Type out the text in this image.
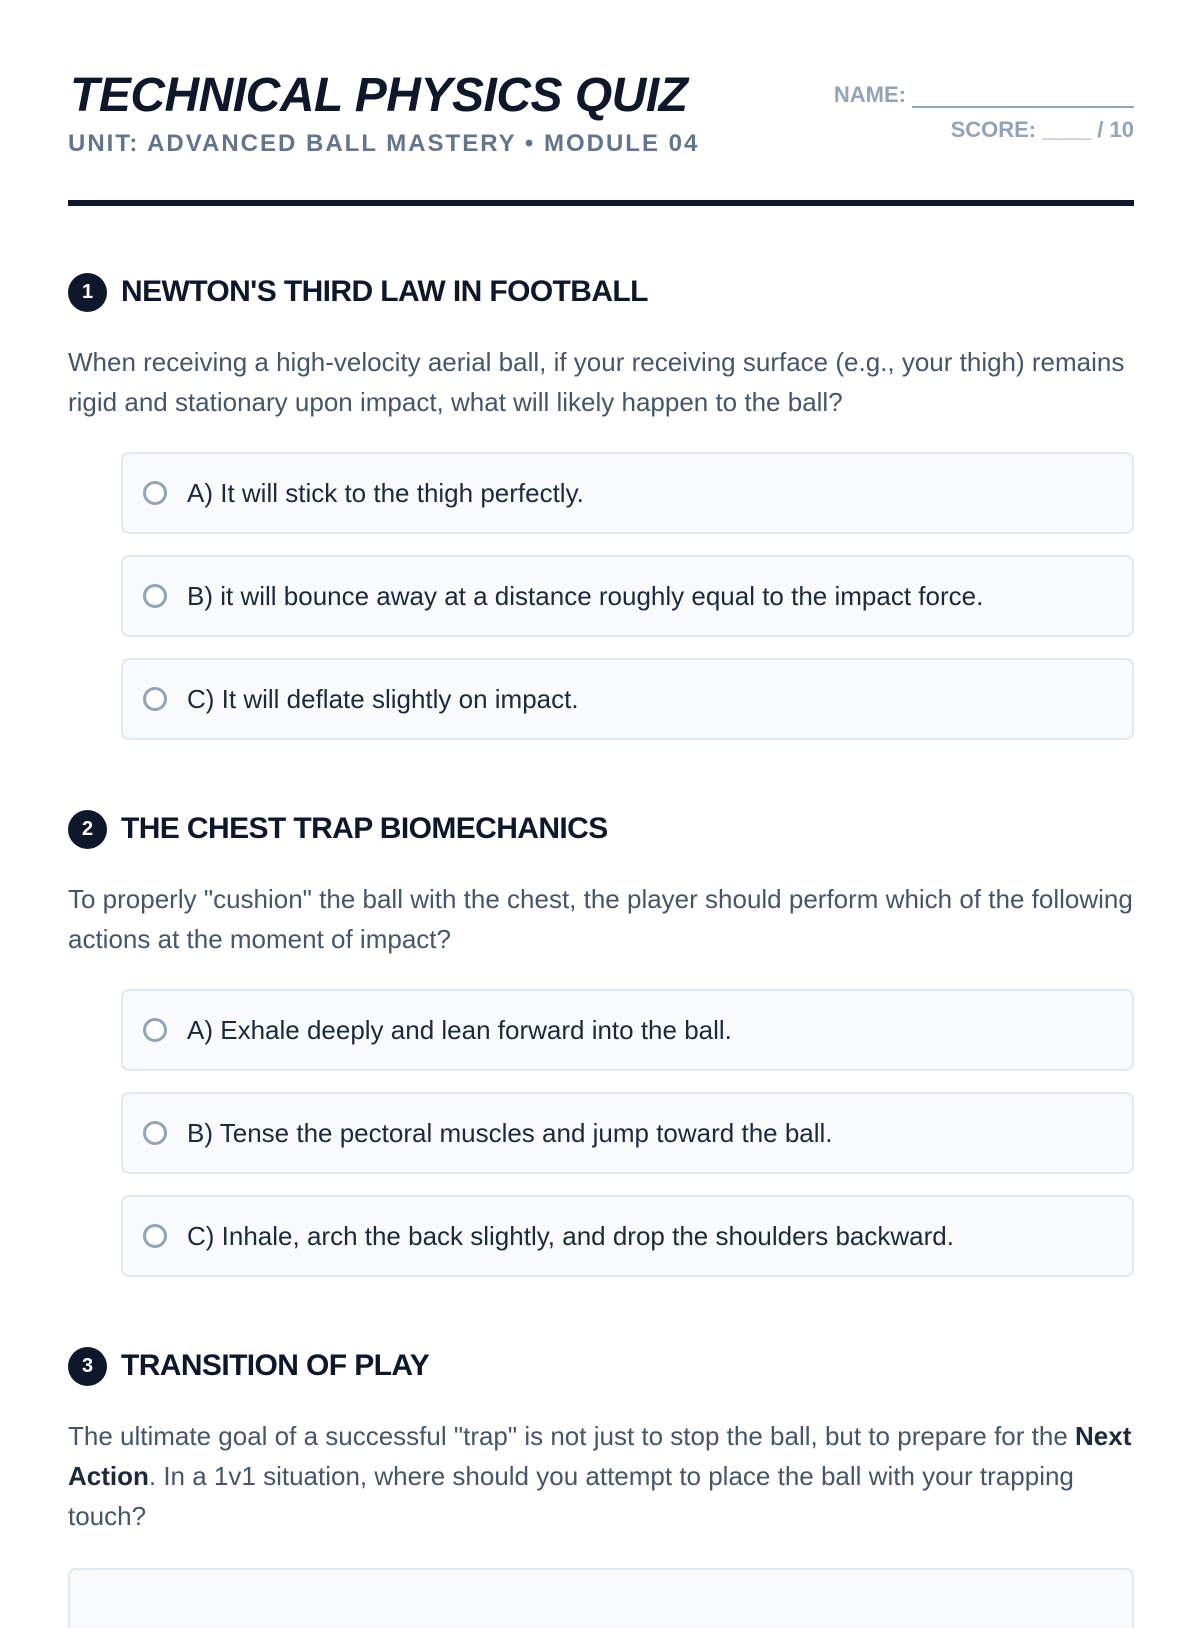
TECHNICAL PHYSICS QUIZ
UNIT: ADVANCED BALL MASTERY • MODULE 04
NAME:
SCORE: ____ / 10
1 NEWTON'S THIRD LAW IN FOOTBALL

When receiving a high-velocity aerial ball, if your receiving surface (e.g., your thigh) remains rigid and stationary upon impact, what will likely happen to the ball?

A) It will stick to the thigh perfectly.
B) it will bounce away at a distance roughly equal to the impact force.
C) It will deflate slightly on impact.
2 THE CHEST TRAP BIOMECHANICS

To properly "cushion" the ball with the chest, the player should perform which of the following actions at the moment of impact?

A) Exhale deeply and lean forward into the ball.
B) Tense the pectoral muscles and jump toward the ball.
C) Inhale, arch the back slightly, and drop the shoulders backward.
3 TRANSITION OF PLAY

The ultimate goal of a successful "trap" is not just to stop the ball, but to prepare for the Next Action. In a 1v1 situation, where should you attempt to place the ball with your trapping touch?
